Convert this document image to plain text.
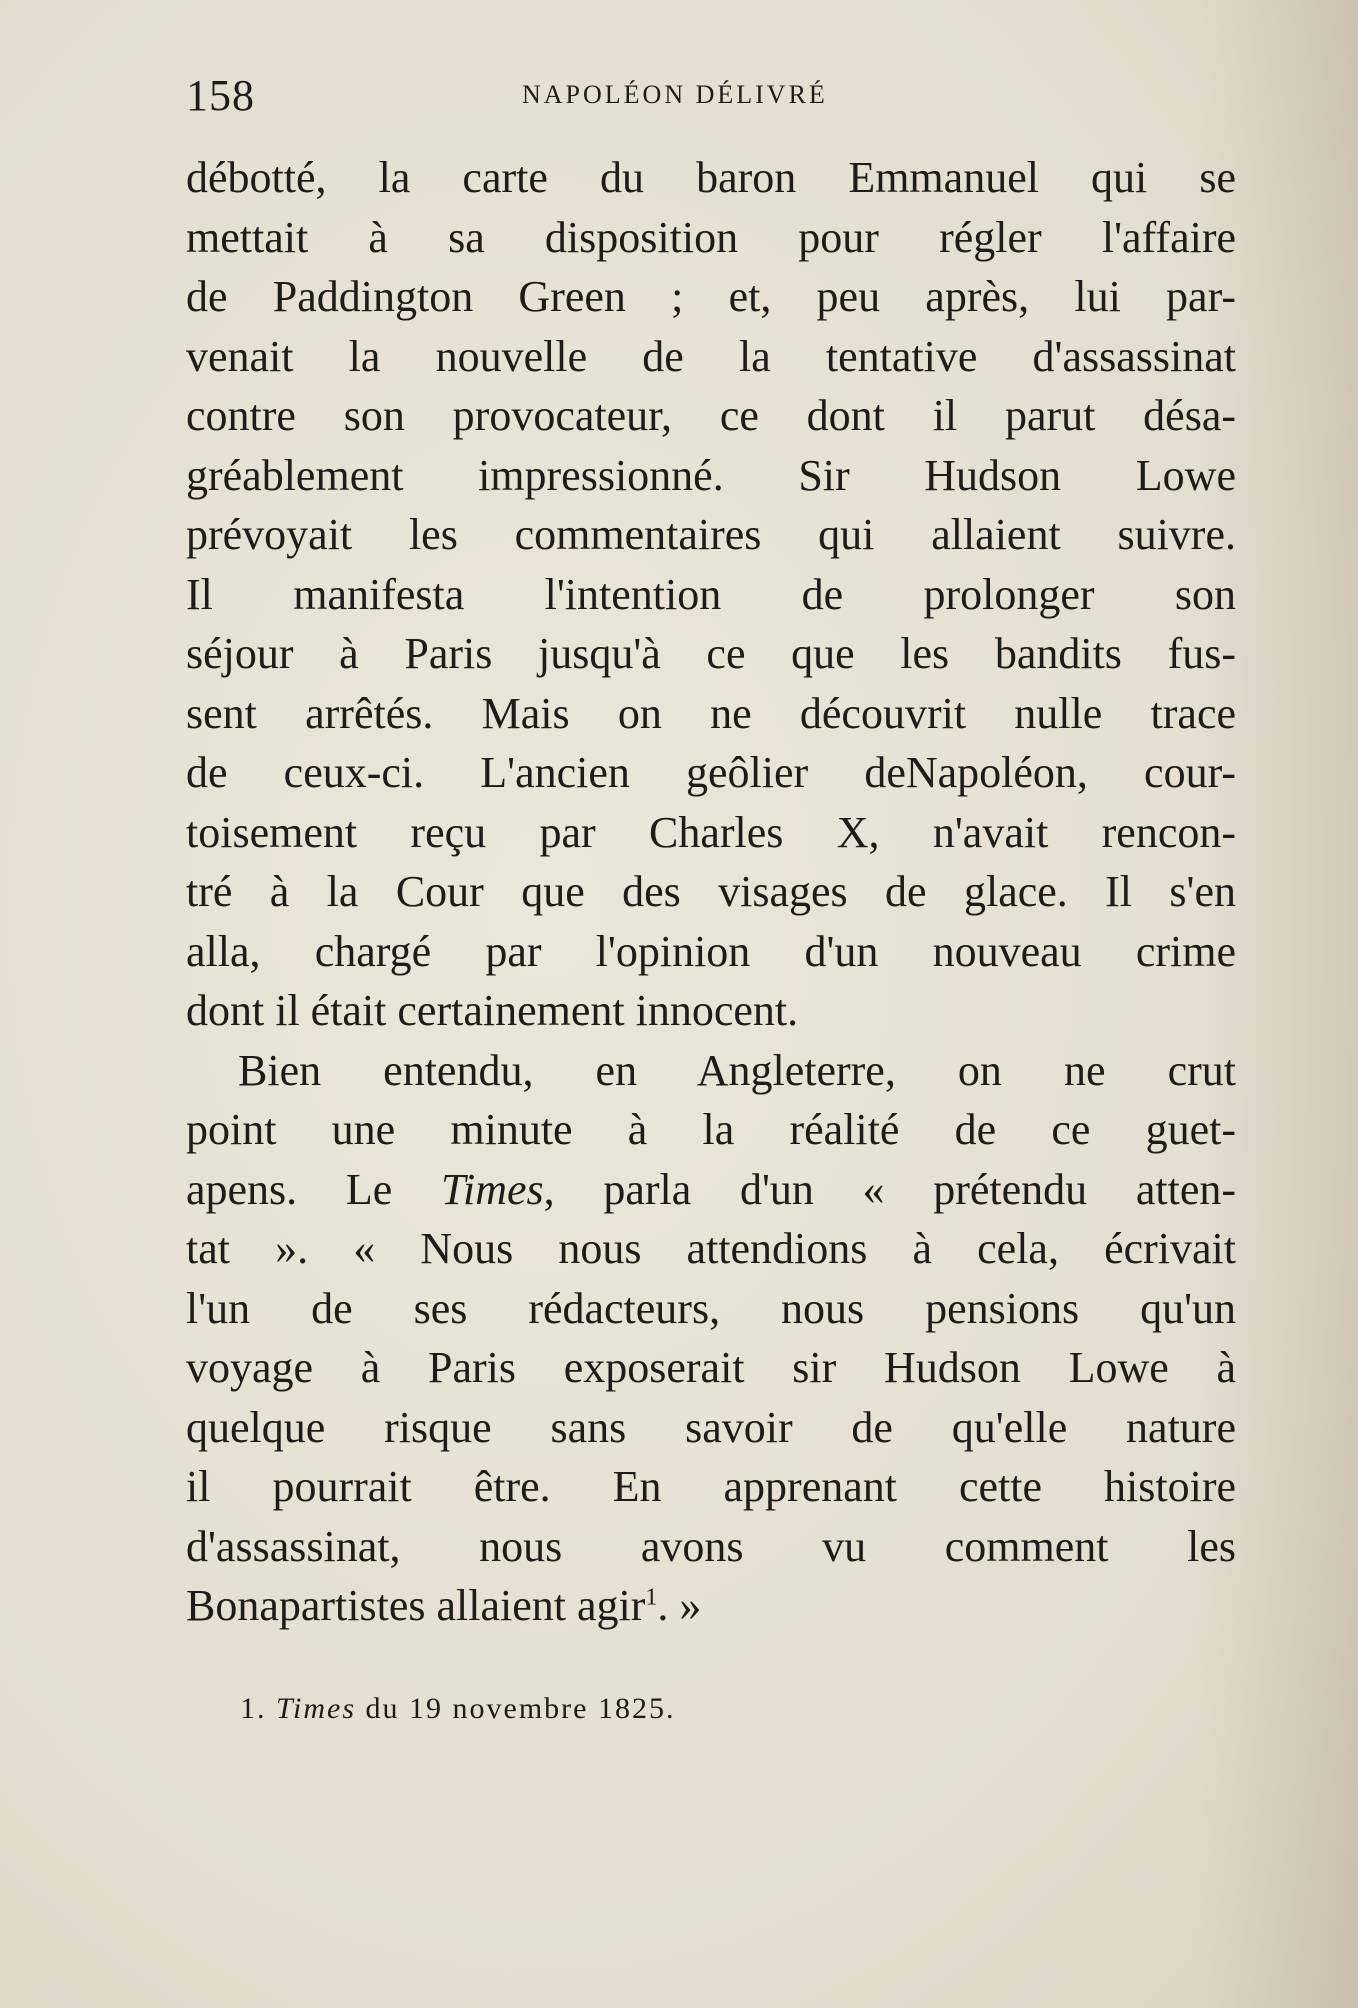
158	NAPOLÉON DÉLIVRÉ
débotté, la carte du baron Emmanuel qui se
mettait à sa disposition pour régler l'affaire
de Paddington Green ; et, peu après, lui par-
venait la nouvelle de la tentative d'assassinat
contre son provocateur, ce dont il parut désa-
gréablement impressionné. Sir Hudson Lowe
prévoyait les commentaires qui allaient suivre.
Il manifesta l'intention de prolonger son
séjour à Paris jusqu'à ce que les bandits fus-
sent arrêtés. Mais on ne découvrit nulle trace
de ceux-ci. L'ancien geôlier deNapoléon, cour-
toisement reçu par Charles X, n'avait rencon-
tré à la Cour que des visages de glace. Il s'en
alla, chargé par l'opinion d'un nouveau crime
dont il était certainement innocent.
Bien entendu, en Angleterre, on ne crut
point une minute à la réalité de ce guet-
apens. Le Times, parla d'un « prétendu atten-
tat ». « Nous nous attendions à cela, écrivait
l'un de ses rédacteurs, nous pensions qu'un
voyage à Paris exposerait sir Hudson Lowe à
quelque risque sans savoir de qu'elle nature
il pourrait être. En apprenant cette histoire
d'assassinat, nous avons vu comment les
Bonapartistes allaient agir$^1$. »
1. Times du 19 novembre 1825.
